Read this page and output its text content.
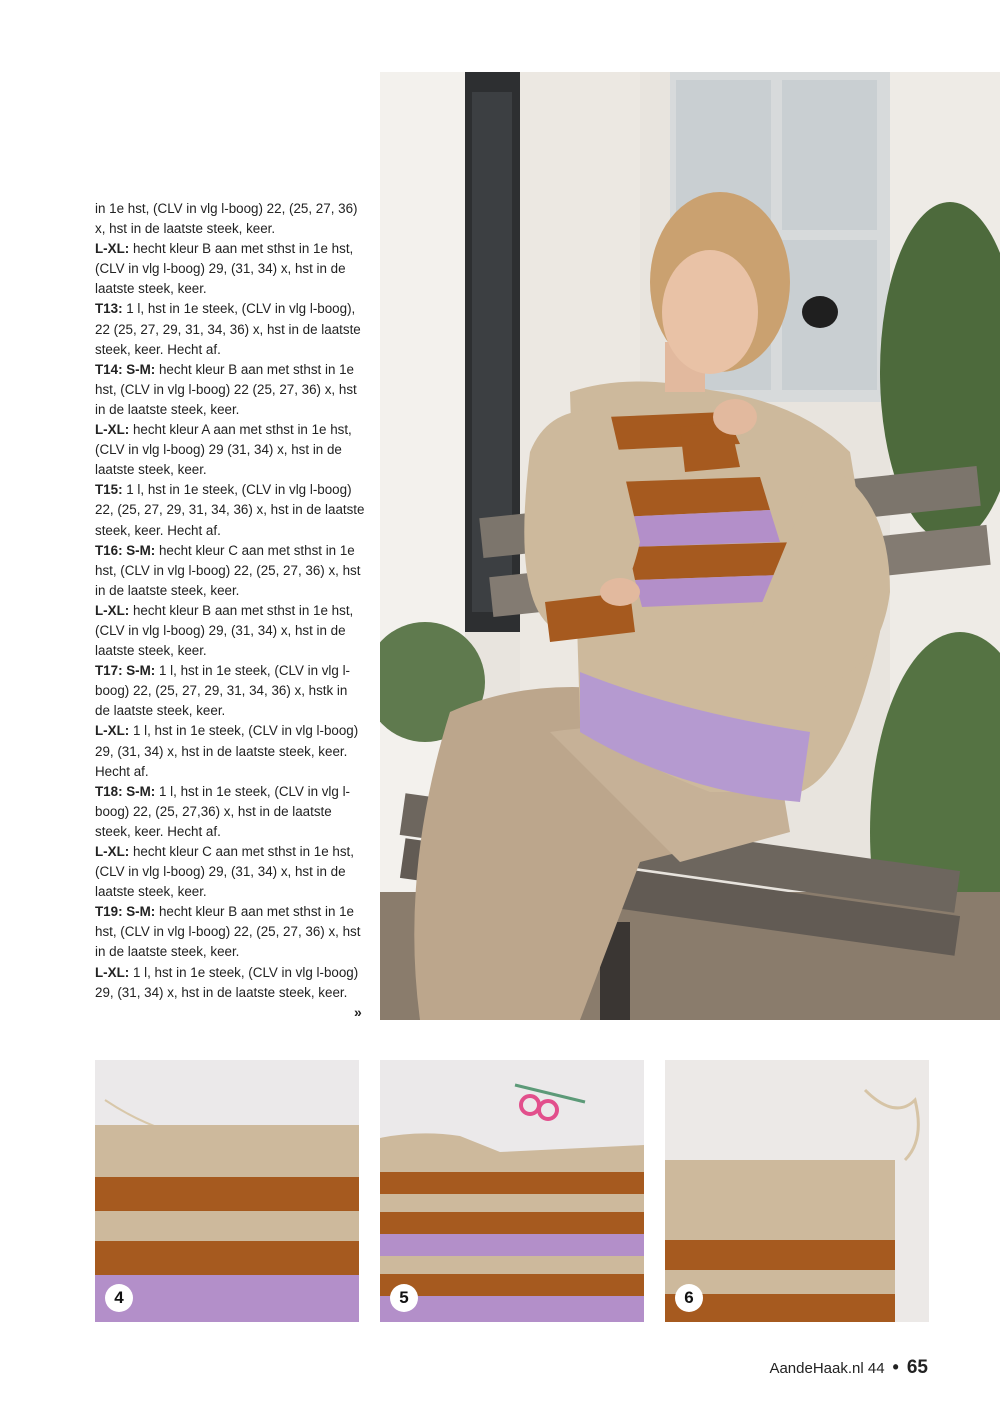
in 1e hst, (CLV in vlg l-boog) 22, (25, 27, 36) x, hst in de laatste steek, keer.

L-XL: hecht kleur B aan met sthst in 1e hst, (CLV in vlg l-boog) 29, (31, 34) x, hst in de laatste steek, keer.

T13: 1 l, hst in 1e steek, (CLV in vlg l-boog), 22 (25, 27, 29, 31, 34, 36) x, hst in de laatste steek, keer. Hecht af.

T14: S-M: hecht kleur B aan met sthst in 1e hst, (CLV in vlg l-boog) 22 (25, 27, 36) x, hst in de laatste steek, keer.

L-XL: hecht kleur A aan met sthst in 1e hst, (CLV in vlg l-boog) 29 (31, 34) x, hst in de laatste steek, keer.

T15: 1 l, hst in 1e steek, (CLV in vlg l-boog) 22, (25, 27, 29, 31, 34, 36) x, hst in de laatste steek, keer. Hecht af.

T16: S-M: hecht kleur C aan met sthst in 1e hst, (CLV in vlg l-boog) 22, (25, 27, 36) x, hst in de laatste steek, keer.

L-XL: hecht kleur B aan met sthst in 1e hst, (CLV in vlg l-boog) 29, (31, 34) x, hst in de laatste steek, keer.

T17: S-M: 1 l, hst in 1e steek, (CLV in vlg l-boog) 22, (25, 27, 29, 31, 34, 36) x, hstk in de laatste steek, keer.

L-XL: 1 l, hst in 1e steek, (CLV in vlg l-boog) 29, (31, 34) x, hst in de laatste steek, keer. Hecht af.

T18: S-M: 1 l, hst in 1e steek, (CLV in vlg l-boog) 22, (25, 27,36) x, hst in de laatste steek, keer. Hecht af.

L-XL: hecht kleur C aan met sthst in 1e hst, (CLV in vlg l-boog) 29, (31, 34) x, hst in de laatste steek, keer.

T19: S-M: hecht kleur B aan met sthst in 1e hst, (CLV in vlg l-boog) 22, (25, 27, 36) x, hst in de laatste steek, keer.

L-XL: 1 l, hst in 1e steek, (CLV in vlg l-boog) 29, (31, 34) x, hst in de laatste steek, keer.

»
4	5	6
AandeHaak.nl 44 • 65
